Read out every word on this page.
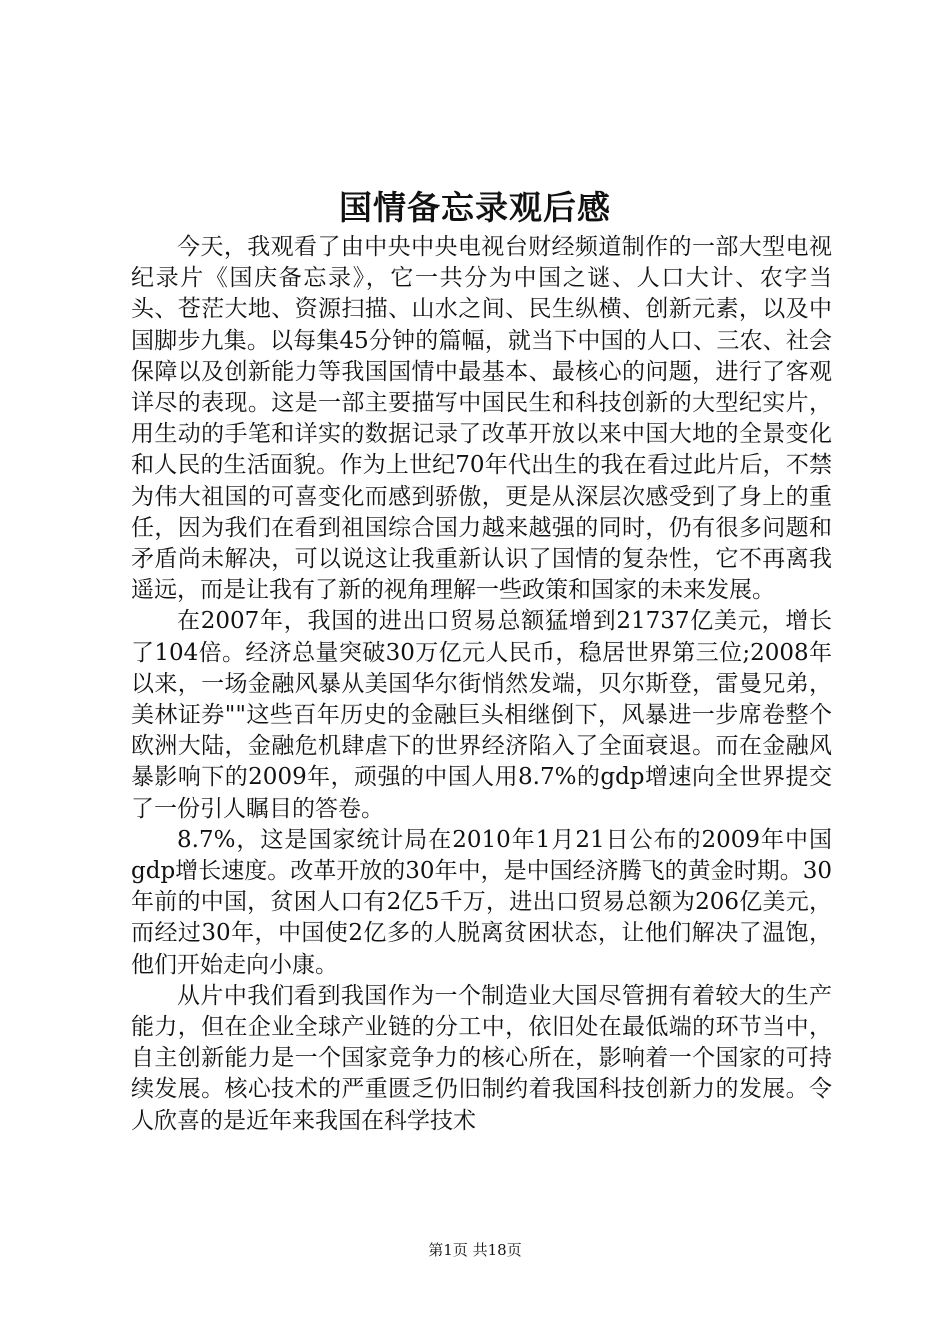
国情备忘录观后感

今天，我观看了由中央中央电视台财经频道制作的一部大型电视纪录片《国庆备忘录》，它一共分为中国之谜、人口大计、农字当头、苍茫大地、资源扫描、山水之间、民生纵横、创新元素，以及中国脚步九集。以每集45分钟的篇幅，就当下中国的人口、三农、社会保障以及创新能力等我国国情中最基本、最核心的问题，进行了客观详尽的表现。这是一部主要描写中国民生和科技创新的大型纪实片，用生动的手笔和详实的数据记录了改革开放以来中国大地的全景变化和人民的生活面貌。作为上世纪70年代出生的我在看过此片后，不禁为伟大祖国的可喜变化而感到骄傲，更是从深层次感受到了身上的重任，因为我们在看到祖国综合国力越来越强的同时，仍有很多问题和矛盾尚未解决，可以说这让我重新认识了国情的复杂性，它不再离我遥远，而是让我有了新的视角理解一些政策和国家的未来发展。

在2007年，我国的进出口贸易总额猛增到21737亿美元，增长了104倍。经济总量突破30万亿元人民币，稳居世界第三位;2008年以来，一场金融风暴从美国华尔街悄然发端，贝尔斯登，雷曼兄弟，美林证券""这些百年历史的金融巨头相继倒下，风暴进一步席卷整个欧洲大陆，金融危机肆虐下的世界经济陷入了全面衰退。而在金融风暴影响下的2009年，顽强的中国人用8.7%的gdp增速向全世界提交了一份引人瞩目的答卷。

8.7%，这是国家统计局在2010年1月21日公布的2009年中国gdp增长速度。改革开放的30年中，是中国经济腾飞的黄金时期。30年前的中国，贫困人口有2亿5千万，进出口贸易总额为206亿美元，而经过30年，中国使2亿多的人脱离贫困状态，让他们解决了温饱，他们开始走向小康。

从片中我们看到我国作为一个制造业大国尽管拥有着较大的生产能力，但在企业全球产业链的分工中，依旧处在最低端的环节当中，自主创新能力是一个国家竞争力的核心所在，影响着一个国家的可持续发展。核心技术的严重匮乏仍旧制约着我国科技创新力的发展。令人欣喜的是近年来我国在科学技术

第1页 共18页
